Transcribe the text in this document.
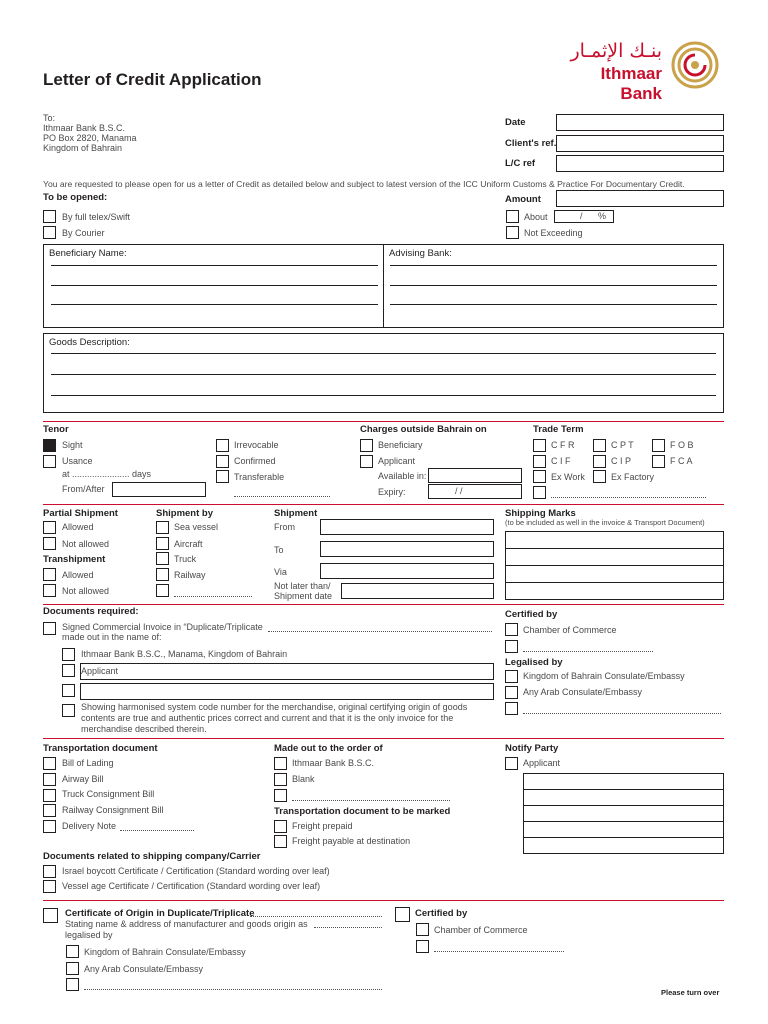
Letter of Credit Application
بنـك الإثمـار
Ithmaar Bank
To:
Ithmaar Bank B.S.C.
PO Box 2820, Manama
Kingdom of Bahrain
Date
Client's ref.
L/C ref
You are requested to please open for us a letter of Credit as detailed below and subject to latest version of the ICC Uniform Customs & Practice For Documentary Credit.
To be opened:
By full telex/Swift
By Courier
Amount
About	/ %
Not Exceeding
Beneficiary Name:	Advising Bank:
Goods Description:
Tenor
Sight
Usance
at ....................... days
From/After
Irrevocable
Confirmed
Transferable
Charges outside Bahrain on
Beneficiary
Applicant
Available in:
Expiry:	/ /
Trade Term
C F R	C P T	F O B
C I F	C I P	F C A
Ex Work	Ex Factory
Partial Shipment
Allowed
Not allowed
Transhipment
Allowed
Not allowed
Shipment by
Sea vessel
Aircraft
Truck
Railway
Shipment
From
To
Via
Not later than/
Shipment date
Shipping Marks
(to be included as well in the invoice & Transport Document)
Documents required:
Signed Commercial Invoice in “Duplicate/Triplicate
made out in the name of:
Ithmaar Bank B.S.C., Manama, Kingdom of Bahrain
Applicant
Showing harmonised system code number for the merchandise, original certifying origin of goods
contents are true and authentic prices correct and current and that it is the only invoice for the
merchandise described therein.
Certified by
Chamber of Commerce
Legalised by
Kingdom of Bahrain Consulate/Embassy
Any Arab Consulate/Embassy
Transportation document
Bill of Lading
Airway Bill
Truck Consignment Bill
Railway Consignment Bill
Delivery Note
Made out to the order of
Ithmaar Bank B.S.C.
Blank
Transportation document to be marked
Freight prepaid
Freight payable at destination
Notify Party
Applicant
Documents related to shipping company/Carrier
Israel boycott Certificate / Certification (Standard wording over leaf)
Vessel age Certificate / Certification (Standard wording over leaf)
Certificate of Origin in Duplicate/Triplicate
Stating name & address of manufacturer and goods origin as
legalised by
Kingdom of Bahrain Consulate/Embassy
Any Arab Consulate/Embassy
Certified by
Chamber of Commerce
Please turn over
